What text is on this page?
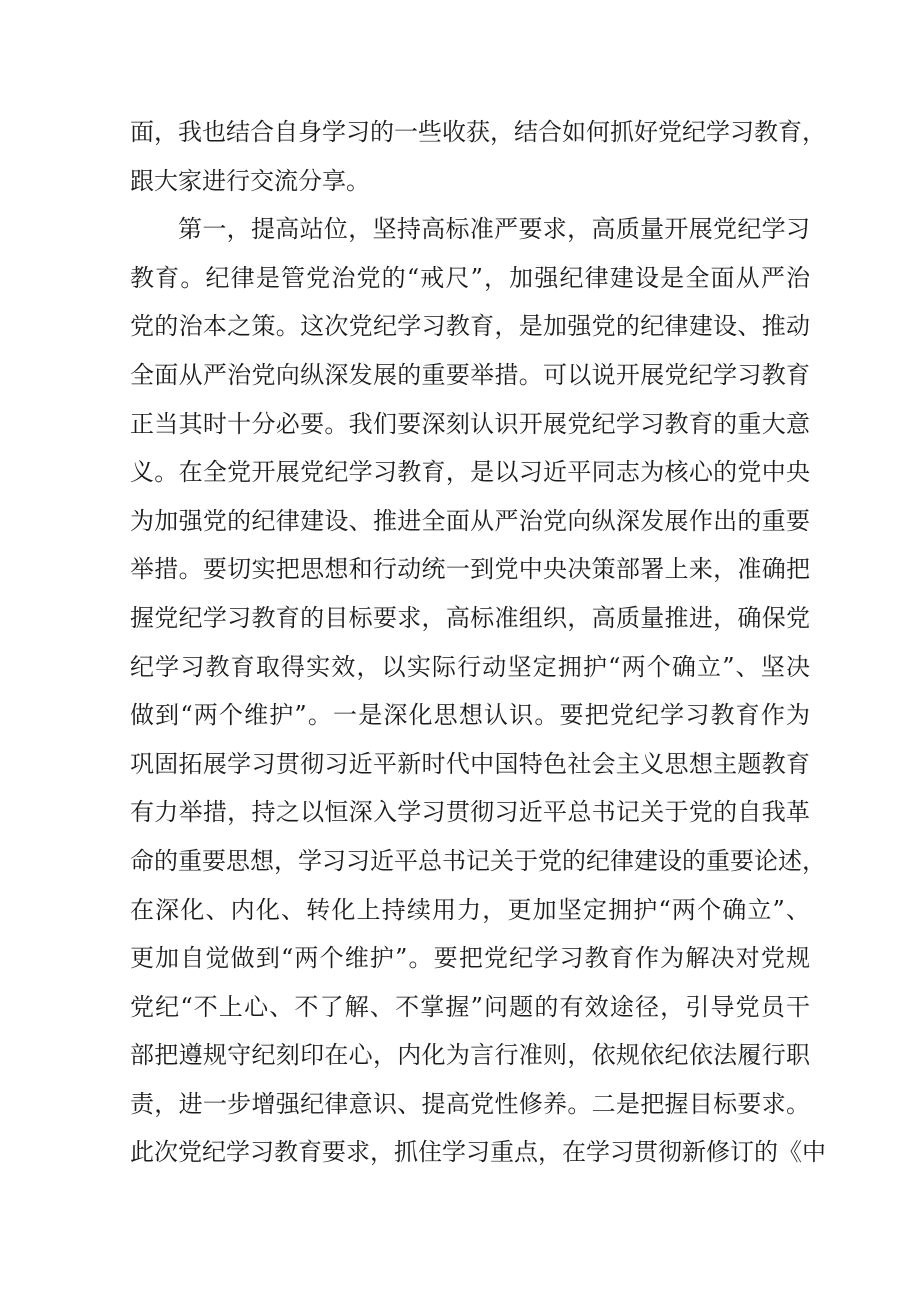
面，我也结合自身学习的一些收获，结合如何抓好党纪学习教育，
跟大家进行交流分享。
第一，提高站位，坚持高标准严要求，高质量开展党纪学习
教育。纪律是管党治党的“戒尺”，加强纪律建设是全面从严治
党的治本之策。这次党纪学习教育，是加强党的纪律建设、推动
全面从严治党向纵深发展的重要举措。可以说开展党纪学习教育
正当其时十分必要。我们要深刻认识开展党纪学习教育的重大意
义。在全党开展党纪学习教育，是以习近平同志为核心的党中央
为加强党的纪律建设、推进全面从严治党向纵深发展作出的重要
举措。要切实把思想和行动统一到党中央决策部署上来，准确把
握党纪学习教育的目标要求，高标准组织，高质量推进，确保党
纪学习教育取得实效，以实际行动坚定拥护“两个确立”、坚决
做到“两个维护”。一是深化思想认识。要把党纪学习教育作为
巩固拓展学习贯彻习近平新时代中国特色社会主义思想主题教育
有力举措，持之以恒深入学习贯彻习近平总书记关于党的自我革
命的重要思想，学习习近平总书记关于党的纪律建设的重要论述，
在深化、内化、转化上持续用力，更加坚定拥护“两个确立”、
更加自觉做到“两个维护”。要把党纪学习教育作为解决对党规
党纪“不上心、不了解、不掌握”问题的有效途径，引导党员干
部把遵规守纪刻印在心，内化为言行准则，依规依纪依法履行职
责，进一步增强纪律意识、提高党性修养。二是把握目标要求。
此次党纪学习教育要求，抓住学习重点，在学习贯彻新修订的《中
